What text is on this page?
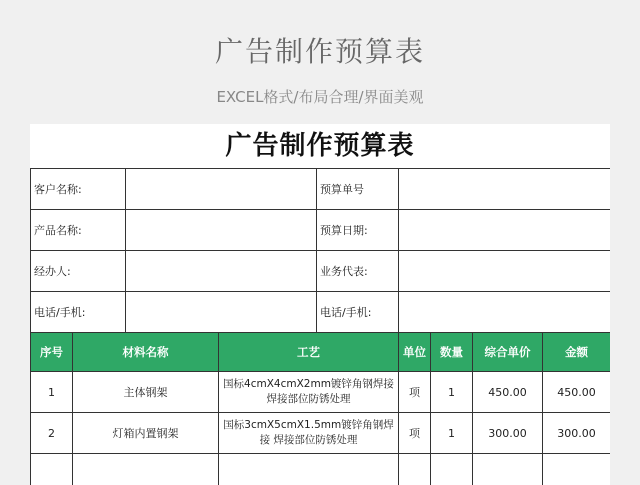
广告制作预算表
EXCEL格式/布局合理/界面美观
广告制作预算表
客户名称:		预算单号	
产品名称:		预算日期:	
经办人:		业务代表:	
电话/手机:		电话/手机:	
序号	材料名称	工艺	单位	数量	综合单价	金额
1	主体钢架	国标4cmX4cmX2mm镀锌角钢焊接 焊接部位防锈处理	项	1	450.00	450.00
2	灯箱内置钢架	国标3cmX5cmX1.5mm镀锌角钢焊接 焊接部位防锈处理	项	1	300.00	300.00
